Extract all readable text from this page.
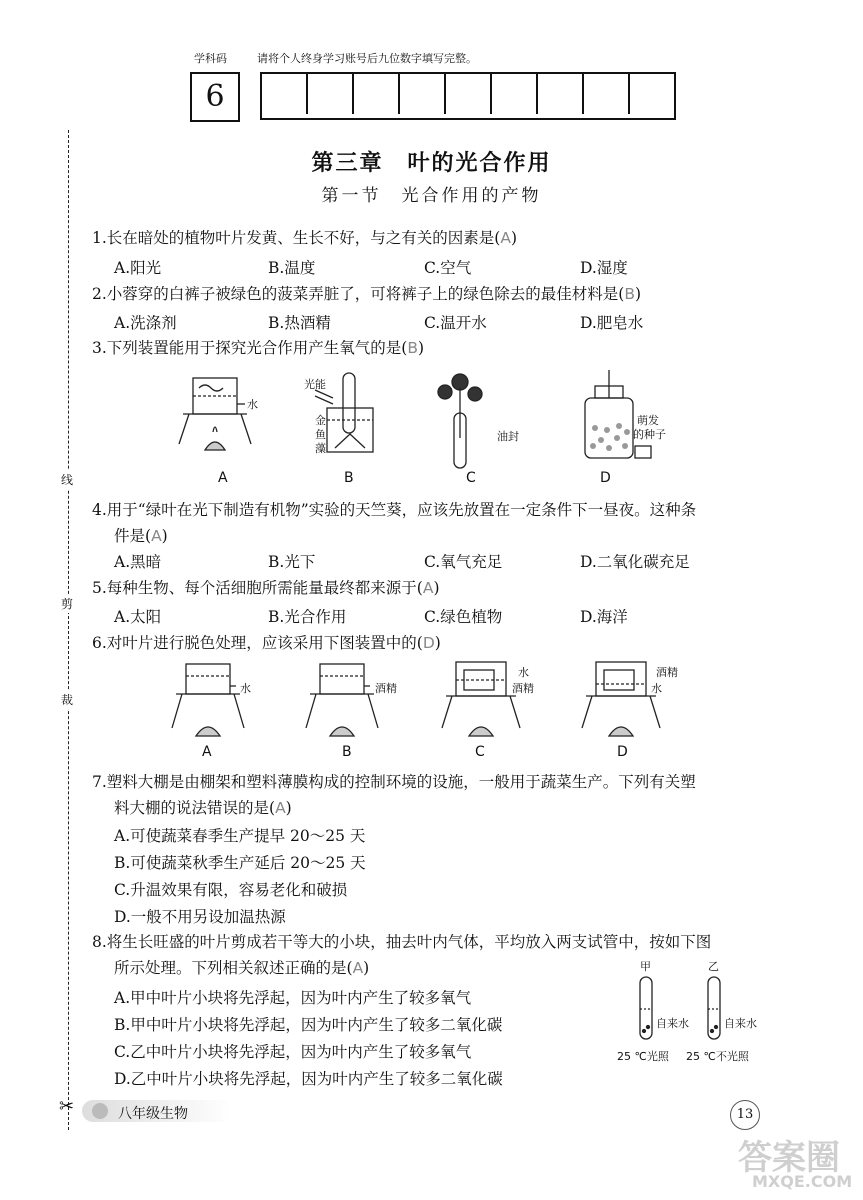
学科码	请将个人终身学习账号后九位数字填写完整。
6
线
剪
裁
✂
第三章　叶的光合作用
第一节　光合作用的产物
1.长在暗处的植物叶片发黄、生长不好，与之有关的因素是(A)
A.阳光	B.温度	C.空气	D.湿度
2.小蓉穿的白裤子被绿色的菠菜弄脏了，可将裤子上的绿色除去的最佳材料是(B)
A.洗涤剂	B.热酒精	C.温开水	D.肥皂水
3.下列装置能用于探究光合作用产生氧气的是(B)
水
光能
金
鱼
藻
油封
萌发
的种子
A	B	C	D
4.用于“绿叶在光下制造有机物”实验的天竺葵，应该先放置在一定条件下一昼夜。这种条
件是(A)
A.黑暗	B.光下	C.氧气充足	D.二氧化碳充足
5.每种生物、每个活细胞所需能量最终都来源于(A)
A.太阳	B.光合作用	C.绿色植物	D.海洋
6.对叶片进行脱色处理，应该采用下图装置中的(D)
水	酒精
水
酒精
酒精
水
A	B	C	D
7.塑料大棚是由棚架和塑料薄膜构成的控制环境的设施，一般用于蔬菜生产。下列有关塑
料大棚的说法错误的是(A)
A.可使蔬菜春季生产提早 20～25 天
B.可使蔬菜秋季生产延后 20～25 天
C.升温效果有限，容易老化和破损
D.一般不用另设加温热源
8.将生长旺盛的叶片剪成若干等大的小块，抽去叶内气体，平均放入两支试管中，按如下图
所示处理。下列相关叙述正确的是(A)
A.甲中叶片小块将先浮起，因为叶内产生了较多氧气
B.甲中叶片小块将先浮起，因为叶内产生了较多二氧化碳
C.乙中叶片小块将先浮起，因为叶内产生了较多氧气
D.乙中叶片小块将先浮起，因为叶内产生了较多二氧化碳
甲	乙
自来水	自来水
25 ℃光照 25 ℃不光照
八年级生物	13
答案圈
MXQE.COM
